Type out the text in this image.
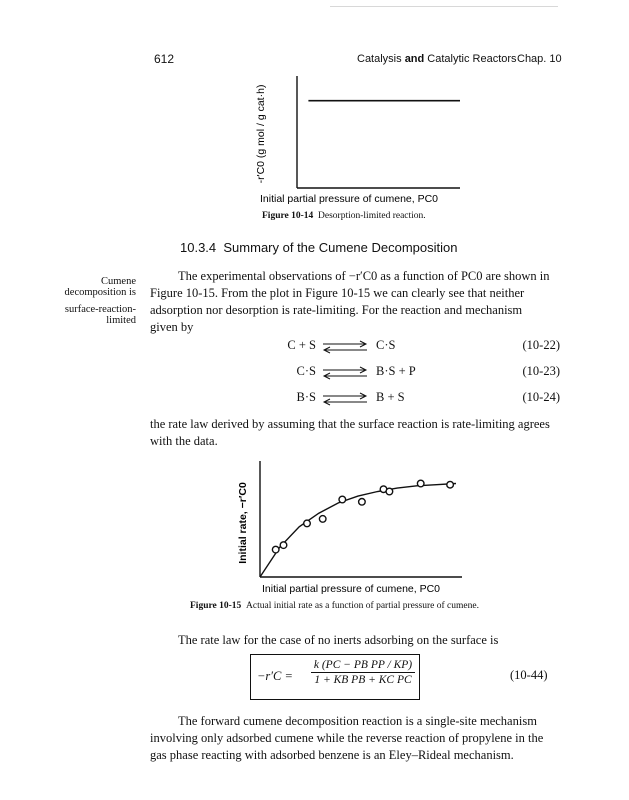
612	Catalysis and Catalytic Reactors Chap. 10
-r'C0 (g mol / g cat·h)
Initial partial pressure of cumene, PC0
Figure 10-14 Desorption-limited reaction.
10.3.4 Summary of the Cumene Decomposition
Cumene
decomposition is
surface-reaction-
limited
The experimental observations of −r′C0 as a function of PC0 are shown in
Figure 10-15. From the plot in Figure 10-15 we can clearly see that neither
adsorption nor desorption is rate-limiting. For the reaction and mechanism
given by
C + S ⇌ C·S	(10-22)
C·S ⇌ B·S + P	(10-23)
B·S ⇌ B + S	(10-24)
the rate law derived by assuming that the surface reaction is rate-limiting agrees
with the data.
Initial rate, −r′C0
Initial partial pressure of cumene, PC0
Figure 10-15 Actual initial rate as a function of partial pressure of cumene.
The rate law for the case of no inerts adsorbing on the surface is
−r′C =
k (PC − PB PP / KP)
1 + KB PB + KC PC	(10-44)
The forward cumene decomposition reaction is a single-site mechanism
involving only adsorbed cumene while the reverse reaction of propylene in the
gas phase reacting with adsorbed benzene is an Eley–Rideal mechanism.
